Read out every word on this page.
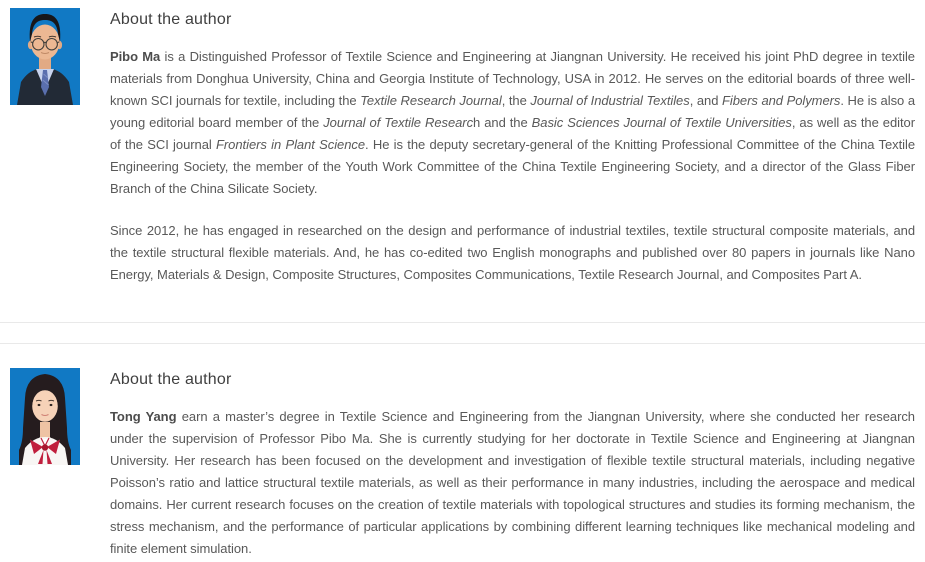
About the author

Pibo Ma is a Distinguished Professor of Textile Science and Engineering at Jiangnan University. He received his joint PhD degree in textile materials from Donghua University, China and Georgia Institute of Technology, USA in 2012. He serves on the editorial boards of three well-known SCI journals for textile, including the Textile Research Journal, the Journal of Industrial Textiles, and Fibers and Polymers. He is also a young editorial board member of the Journal of Textile Research and the Basic Sciences Journal of Textile Universities, as well as the editor of the SCI journal Frontiers in Plant Science. He is the deputy secretary-general of the Knitting Professional Committee of the China Textile Engineering Society, the member of the Youth Work Committee of the China Textile Engineering Society, and a director of the Glass Fiber Branch of the China Silicate Society.

Since 2012, he has engaged in researched on the design and performance of industrial textiles, textile structural composite materials, and the textile structural flexible materials. And, he has co-edited two English monographs and published over 80 papers in journals like Nano Energy, Materials & Design, Composite Structures, Composites Communications, Textile Research Journal, and Composites Part A.

About the author

Tong Yang earn a master’s degree in Textile Science and Engineering from the Jiangnan University, where she conducted her research under the supervision of Professor Pibo Ma. She is currently studying for her doctorate in Textile Science and Engineering at Jiangnan University. Her research has been focused on the development and investigation of flexible textile structural materials, including negative Poisson’s ratio and lattice structural textile materials, as well as their performance in many industries, including the aerospace and medical domains. Her current research focuses on the creation of textile materials with topological structures and studies its forming mechanism, the stress mechanism, and the performance of particular applications by combining different learning techniques like mechanical modeling and finite element simulation.
